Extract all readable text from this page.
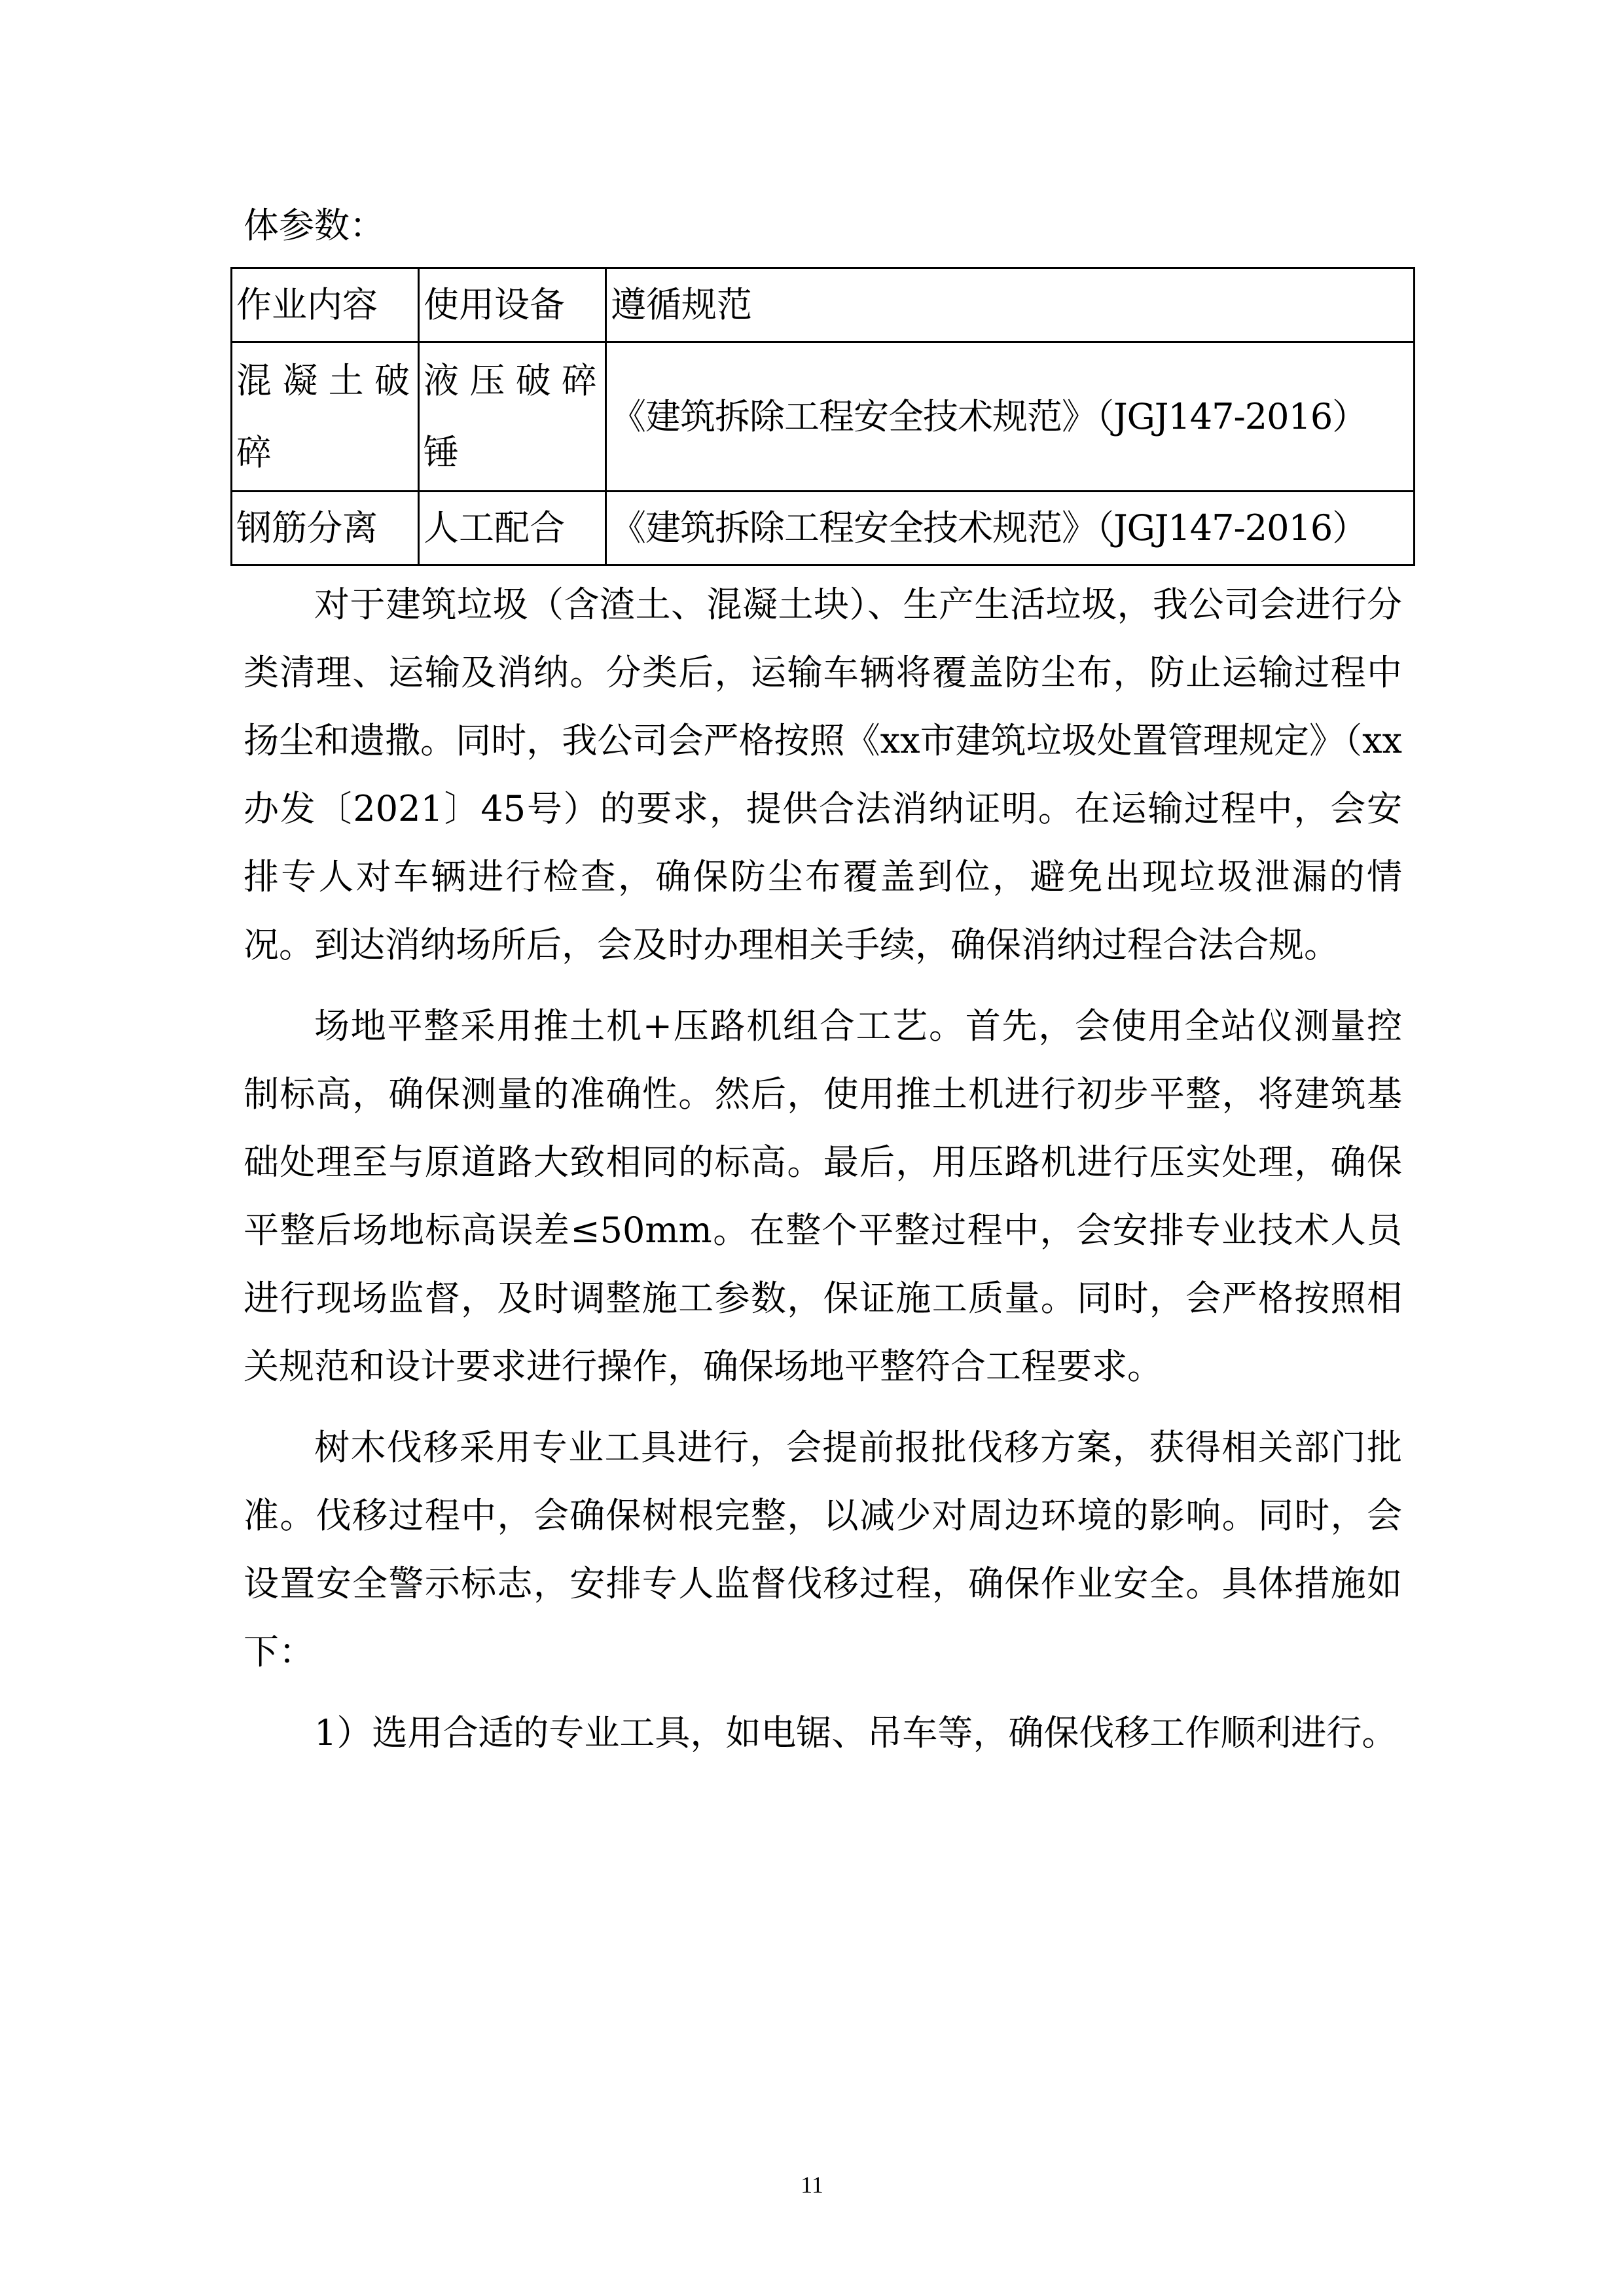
体参数：
作业内容	使用设备	遵循规范
混凝土破碎	液压破碎锤	《建筑拆除工程安全技术规范》（JGJ147-2016）
钢筋分离	人工配合	《建筑拆除工程安全技术规范》（JGJ147-2016）

对于建筑垃圾（含渣土、混凝土块）、生产生活垃圾，我公司会进行分类清理、运输及消纳。分类后，运输车辆将覆盖防尘布，防止运输过程中扬尘和遗撒。同时，我公司会严格按照《xx市建筑垃圾处置管理规定》（xx办发〔2021〕45号）的要求，提供合法消纳证明。在运输过程中，会安排专人对车辆进行检查，确保防尘布覆盖到位，避免出现垃圾泄漏的情况。到达消纳场所后，会及时办理相关手续，确保消纳过程合法合规。

场地平整采用推土机+压路机组合工艺。首先，会使用全站仪测量控制标高，确保测量的准确性。然后，使用推土机进行初步平整，将建筑基础处理至与原道路大致相同的标高。最后，用压路机进行压实处理，确保平整后场地标高误差≤50mm。在整个平整过程中，会安排专业技术人员进行现场监督，及时调整施工参数，保证施工质量。同时，会严格按照相关规范和设计要求进行操作，确保场地平整符合工程要求。

树木伐移采用专业工具进行，会提前报批伐移方案，获得相关部门批准。伐移过程中，会确保树根完整，以减少对周边环境的影响。同时，会设置安全警示标志，安排专人监督伐移过程，确保作业安全。具体措施如下：

1）选用合适的专业工具，如电锯、吊车等，确保伐移工作顺利进行。

11
